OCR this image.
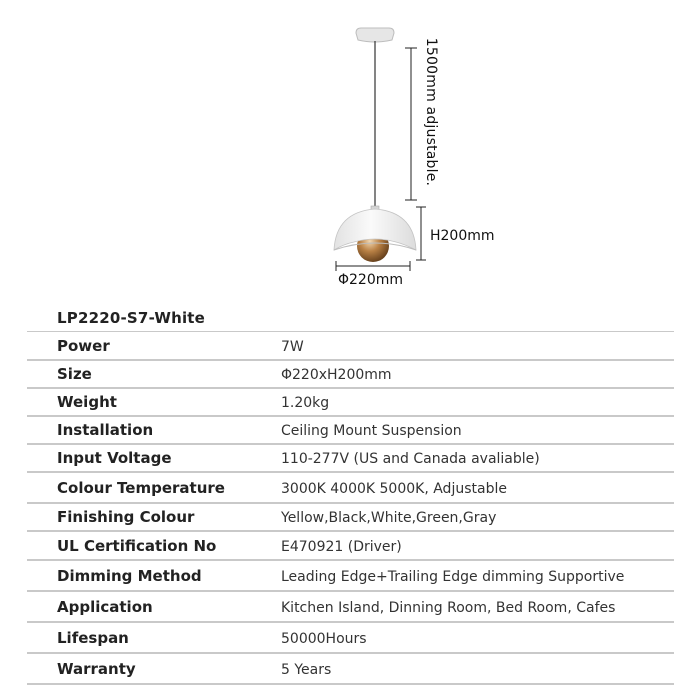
1500mm adjustable.
H200mm
Φ220mm
LP2220-S7-White
Power	7W
Size	Φ220xH200mm
Weight	1.20kg
Installation	Ceiling Mount Suspension
Input Voltage	110-277V (US and Canada avaliable)
Colour Temperature	3000K 4000K 5000K, Adjustable
Finishing Colour	Yellow,Black,White,Green,Gray
UL Certification No	E470921 (Driver)
Dimming Method	Leading Edge+Trailing Edge dimming Supportive
Application	Kitchen Island, Dinning Room, Bed Room, Cafes
Lifespan	50000Hours
Warranty	5 Years
